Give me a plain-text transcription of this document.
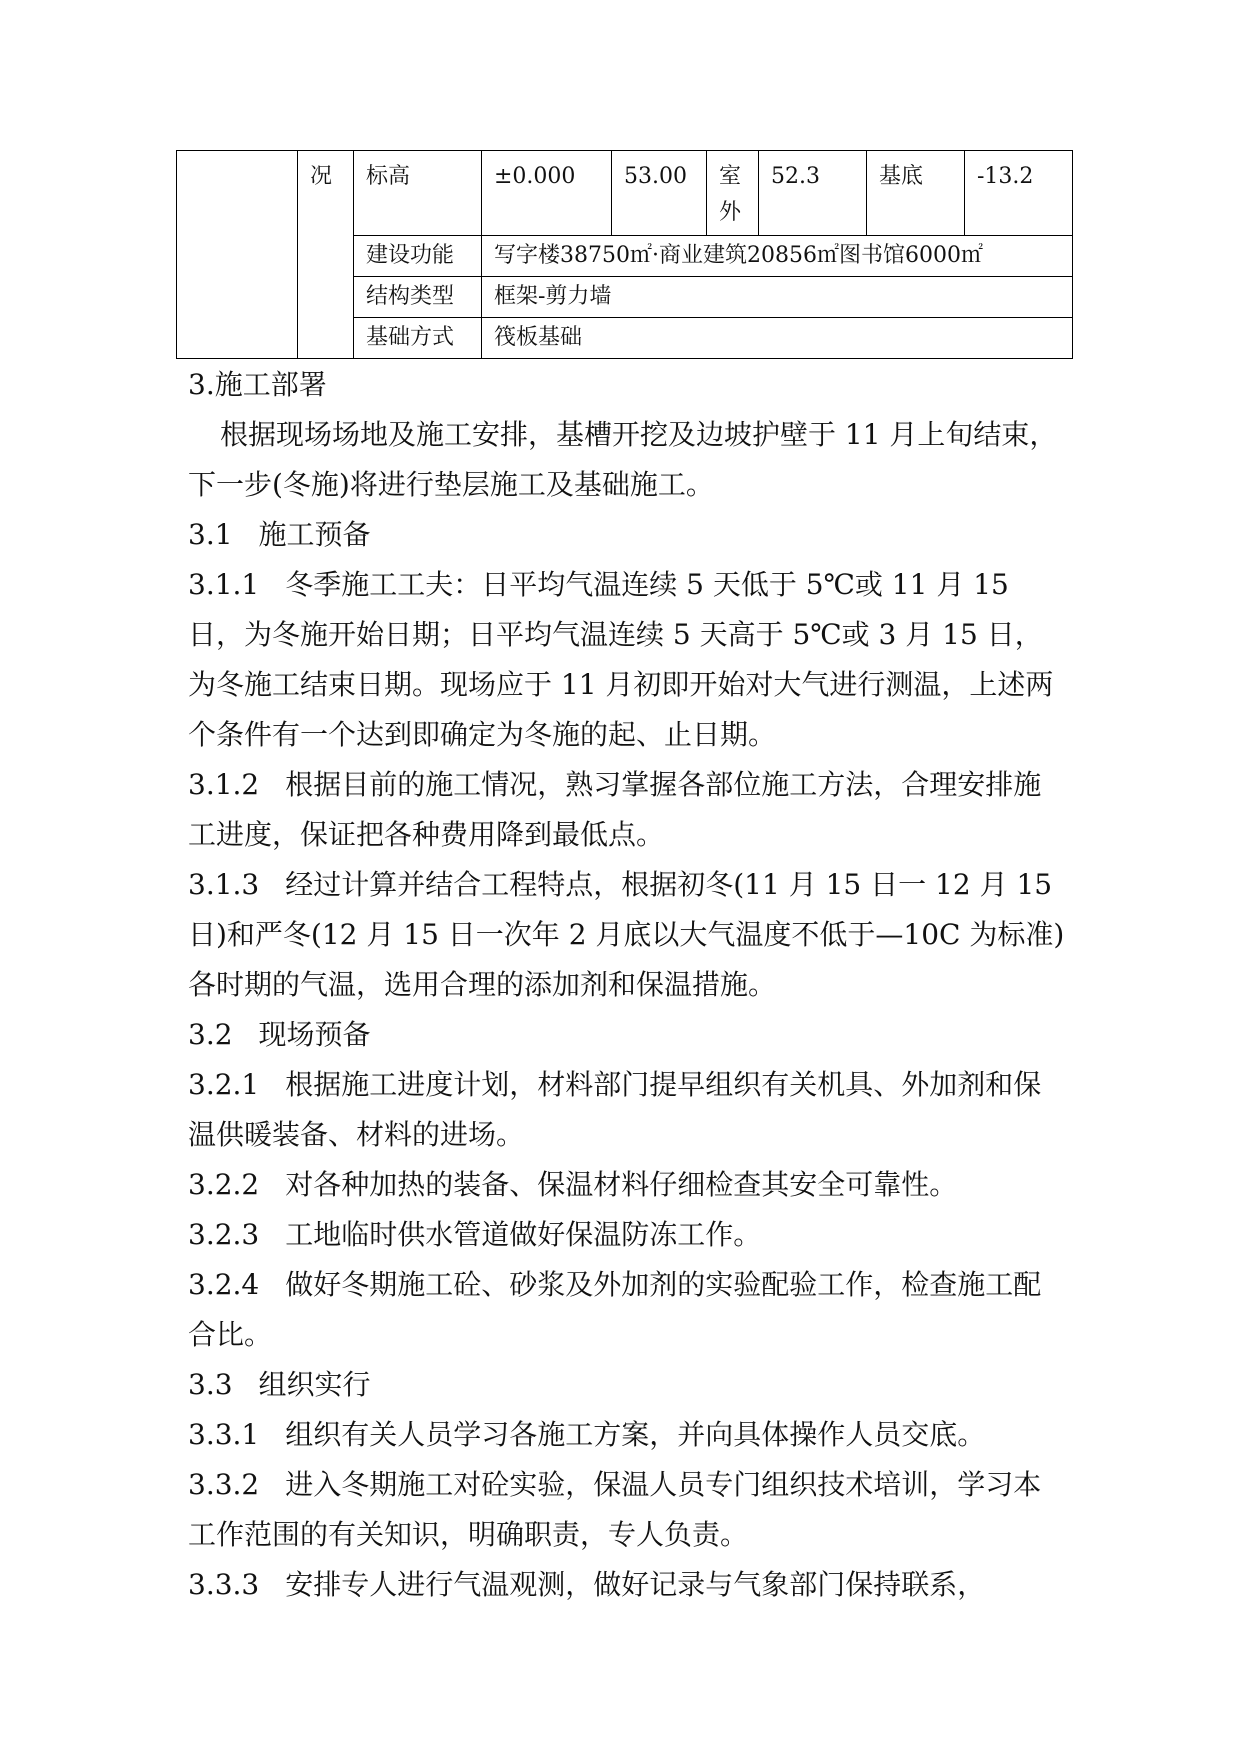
	况	标高	±0.000	53.00	室外	52.3	基底	-13.2
		建设功能	写字楼38750㎡·商业建筑20856㎡图书馆6000㎡					
		结构类型	框架-剪力墙					
		基础方式	筏板基础					

3.施工部署

根据现场场地及施工安排，基槽开挖及边坡护壁于 11 月上旬结束，下一步(冬施)将进行垫层施工及基础施工。

3.1 施工预备

3.1.1 冬季施工工夫：日平均气温连续 5 天低于 5℃或 11 月 15 日，为冬施开始日期；日平均气温连续 5 天高于 5℃或 3 月 15 日，为冬施工结束日期。现场应于 11 月初即开始对大气进行测温，上述两个条件有一个达到即确定为冬施的起、止日期。

3.1.2 根据目前的施工情况，熟习掌握各部位施工方法，合理安排施工进度，保证把各种费用降到最低点。

3.1.3 经过计算并结合工程特点，根据初冬(11 月 15 日一 12 月 15 日)和严冬(12 月 15 日一次年 2 月底以大气温度不低于—10C 为标准)各时期的气温，选用合理的添加剂和保温措施。

3.2 现场预备

3.2.1 根据施工进度计划，材料部门提早组织有关机具、外加剂和保温供暖装备、材料的进场。

3.2.2 对各种加热的装备、保温材料仔细检查其安全可靠性。

3.2.3 工地临时供水管道做好保温防冻工作。

3.2.4 做好冬期施工砼、砂浆及外加剂的实验配验工作，检查施工配合比。

3.3 组织实行

3.3.1 组织有关人员学习各施工方案，并向具体操作人员交底。

3.3.2 进入冬期施工对砼实验，保温人员专门组织技术培训，学习本工作范围的有关知识，明确职责，专人负责。

3.3.3 安排专人进行气温观测，做好记录与气象部门保持联系，
